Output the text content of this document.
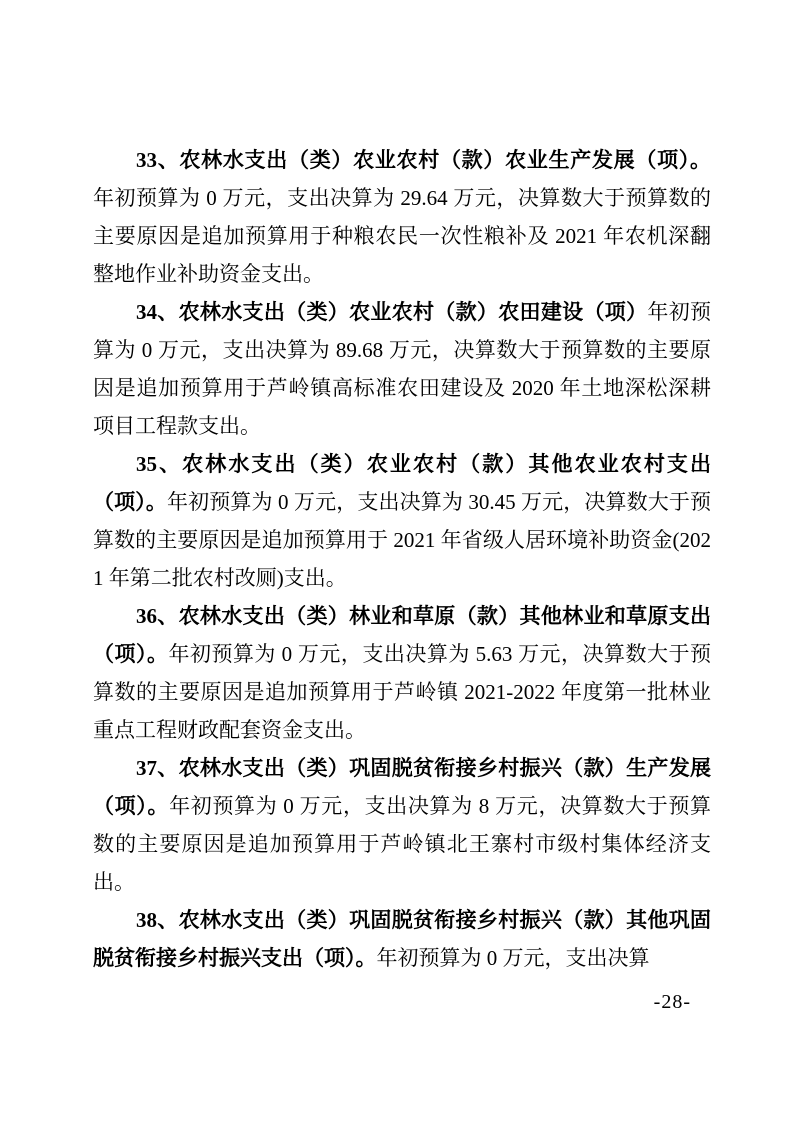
33、农林水支出（类）农业农村（款）农业生产发展（项）。年初预算为 0 万元，支出决算为 29.64 万元，决算数大于预算数的主要原因是追加预算用于种粮农民一次性粮补及 2021 年农机深翻整地作业补助资金支出。

34、农林水支出（类）农业农村（款）农田建设（项）年初预算为 0 万元，支出决算为 89.68 万元，决算数大于预算数的主要原因是追加预算用于芦岭镇高标准农田建设及 2020 年土地深松深耕项目工程款支出。

35、农林水支出（类）农业农村（款）其他农业农村支出（项）。年初预算为 0 万元，支出决算为 30.45 万元，决算数大于预算数的主要原因是追加预算用于 2021 年省级人居环境补助资金(2021 年第二批农村改厕)支出。

36、农林水支出（类）林业和草原（款）其他林业和草原支出（项）。年初预算为 0 万元，支出决算为 5.63 万元，决算数大于预算数的主要原因是追加预算用于芦岭镇 2021-2022 年度第一批林业重点工程财政配套资金支出。

37、农林水支出（类）巩固脱贫衔接乡村振兴（款）生产发展（项）。年初预算为 0 万元，支出决算为 8 万元，决算数大于预算数的主要原因是追加预算用于芦岭镇北王寨村市级村集体经济支出。

38、农林水支出（类）巩固脱贫衔接乡村振兴（款）其他巩固脱贫衔接乡村振兴支出（项）。年初预算为 0 万元，支出决算

-28-
